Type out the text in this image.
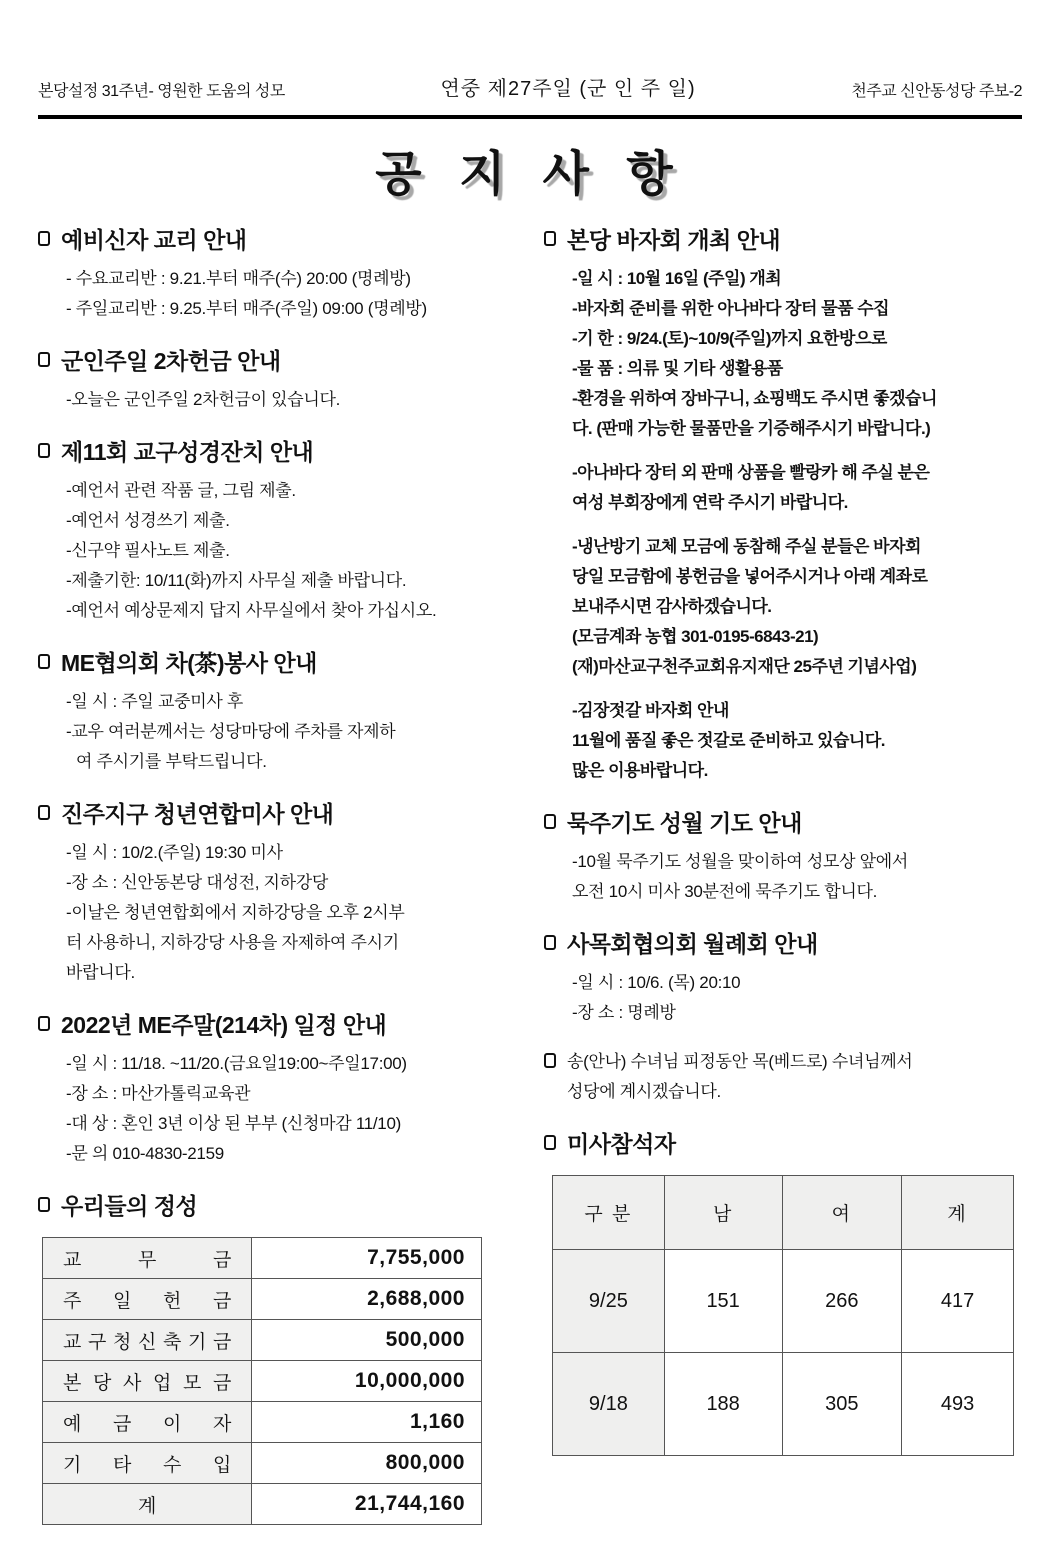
본당설정 31주년- 영원한 도움의 성모	연중 제27주일 (군 인 주 일)	천주교 신안동성당 주보-2
공 지 사 항
예비신자 교리 안내

- 수요교리반 : 9.21.부터 매주(수) 20:00 (명례방)

- 주일교리반 : 9.25.부터 매주(주일) 09:00 (명례방)

군인주일 2차헌금 안내

-오늘은 군인주일 2차헌금이 있습니다.

제11회 교구성경잔치 안내

-예언서 관련 작품 글, 그림 제출.

-예언서 성경쓰기 제출.

-신구약 필사노트 제출.

-제출기한: 10/11(화)까지 사무실 제출 바랍니다.

-예언서 예상문제지 답지 사무실에서 찾아 가십시오.

ME협의회 차(茶)봉사 안내

-일 시 : 주일 교중미사 후

-교우 여러분께서는 성당마당에 주차를 자제하

여 주시기를 부탁드립니다.

진주지구 청년연합미사 안내

-일 시 : 10/2.(주일) 19:30 미사

-장 소 : 신안동본당 대성전, 지하강당

-이날은 청년연합회에서 지하강당을 오후 2시부

터 사용하니, 지하강당 사용을 자제하여 주시기

바랍니다.

2022년 ME주말(214차) 일정 안내

-일 시 : 11/18. ~11/20.(금요일19:00~주일17:00)

-장 소 : 마산가톨릭교육관

-대 상 : 혼인 3년 이상 된 부부 (신청마감 11/10)

-문 의 010-4830-2159

우리들의 정성
교 무 금	7,755,000
주 일 헌 금	2,688,000
교 구 청 신 축 기 금	500,000
본 당 사 업 모 금	10,000,000
예 금 이 자	1,160
기 타 수 입	800,000
계	21,744,160
본당 바자회 개최 안내

-일 시 : 10월 16일 (주일) 개최

-바자회 준비를 위한 아나바다 장터 물품 수집

-기 한 : 9/24.(토)~10/9(주일)까지 요한방으로

-물 품 : 의류 및 기타 생활용품

-환경을 위하여 장바구니, 쇼핑백도 주시면 좋겠습니

다. (판매 가능한 물품만을 기증해주시기 바랍니다.)

-아나바다 장터 외 판매 상품을 빨랑카 해 주실 분은

여성 부회장에게 연락 주시기 바랍니다.

-냉난방기 교체 모금에 동참해 주실 분들은 바자회

당일 모금함에 봉헌금을 넣어주시거나 아래 계좌로

보내주시면 감사하겠습니다.

(모금계좌 농협 301-0195-6843-21)

(재)마산교구천주교회유지재단 25주년 기념사업)

-김장젓갈 바자회 안내

11월에 품질 좋은 젓갈로 준비하고 있습니다.

많은 이용바랍니다.

묵주기도 성월 기도 안내

-10월 묵주기도 성월을 맞이하여 성모상 앞에서

오전 10시 미사 30분전에 묵주기도 합니다.

사목회협의회 월례회 안내

-일 시 : 10/6. (목) 20:10

-장 소 : 명례방

송(안나) 수녀님 피정동안 목(베드로) 수녀님께서

성당에 계시겠습니다.

미사참석자
구 분	남	여	계
9/25	151	266	417
9/18	188	305	493
